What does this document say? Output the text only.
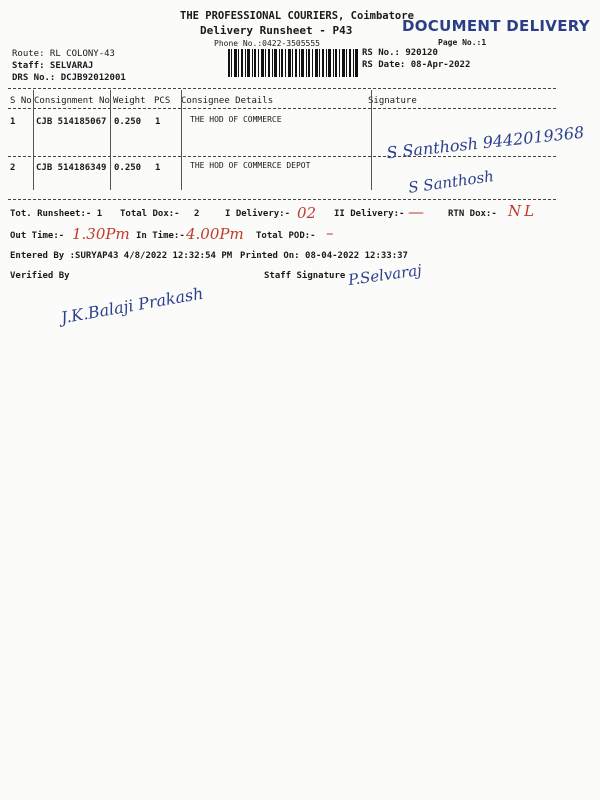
THE PROFESSIONAL COURIERS, Coimbatore
Delivery Runsheet - P43
Phone No.:0422-3505555
DOCUMENT DELIVERY
Page No.:1
Route: RL COLONY-43
Staff: SELVARAJ
DRS No.: DCJB92012001
RS No.: 920120
RS Date: 08-Apr-2022
S No Consignment No Weight PCS Consignee Details	Signature
1 CJB 514185067 0.250 1	THE HOD OF COMMERCE
S Santhosh 9442019368
2 CJB 514186349 0.250 1	THE HOD OF COMMERCE DEPOT
S Santhosh
Tot. Runsheet:- 1 Total Dox:- 2	I Delivery:- 02 II Delivery:- —	RTN Dox:- NL
Out Time:- 1.30Pm In Time:- 4.00Pm Total POD:- –
Entered By :SURYAP43 4/8/2022 12:32:54 PM Printed On: 08-04-2022 12:33:37
Verified By
J.K.Balaji Prakash
Staff Signature P.Selvaraj
